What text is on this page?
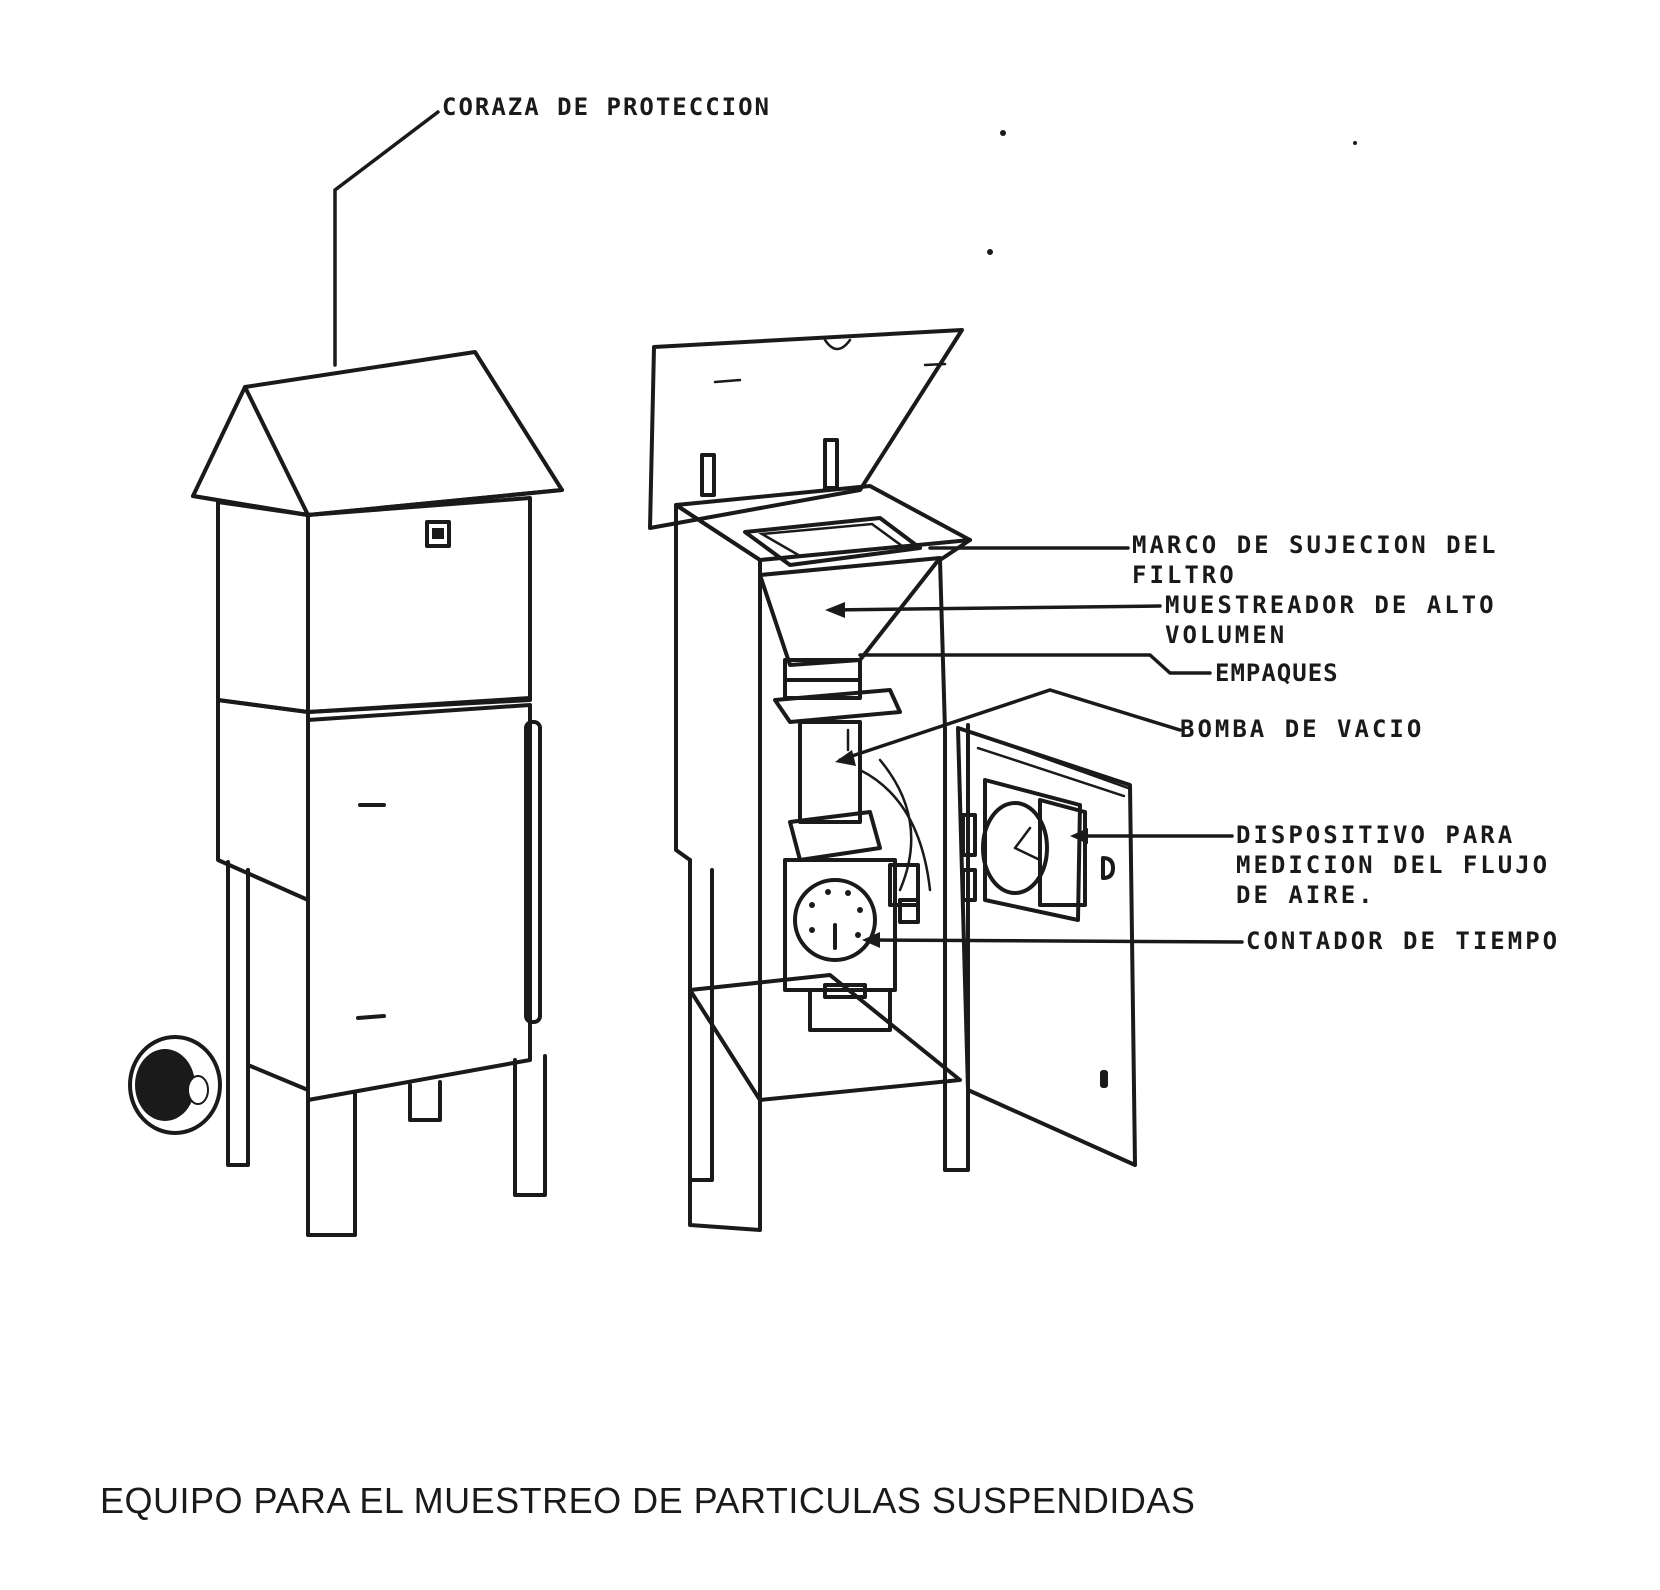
CORAZA DE PROTECCION
MARCO DE SUJECION DEL
FILTRO
MUESTREADOR DE ALTO
VOLUMEN
EMPAQUES
BOMBA DE VACIO
DISPOSITIVO PARA
MEDICION DEL FLUJO
DE AIRE.
CONTADOR DE TIEMPO
EQUIPO PARA EL MUESTREO DE PARTICULAS SUSPENDIDAS
